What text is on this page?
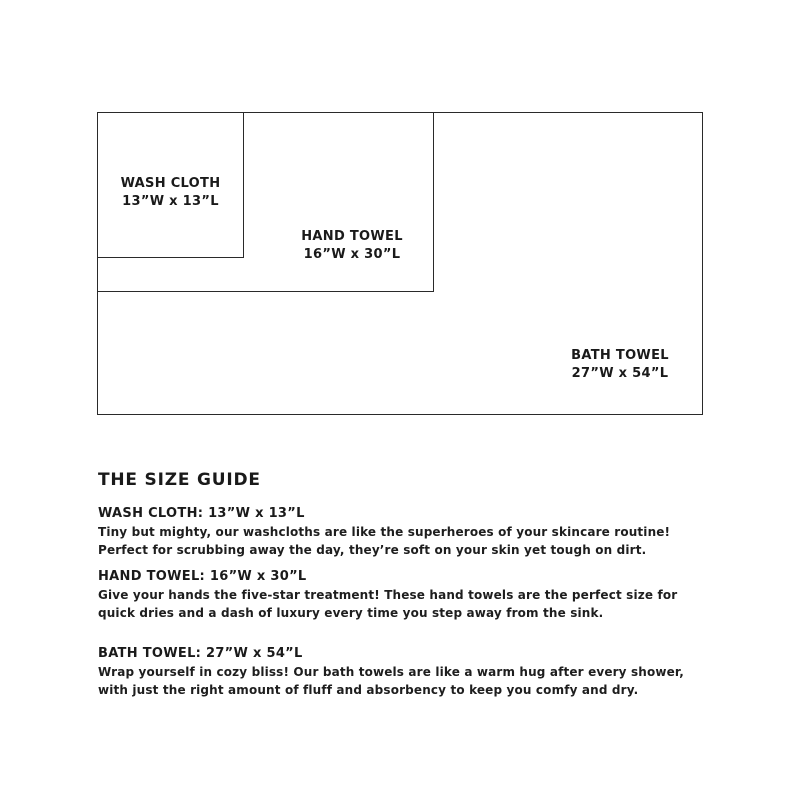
WASH CLOTH
13”W x 13”L
HAND TOWEL
16”W x 30”L
BATH TOWEL
27”W x 54”L
THE SIZE GUIDE
WASH CLOTH: 13”W x 13”L
Tiny but mighty, our washcloths are like the superheroes of your skincare routine!
Perfect for scrubbing away the day, they’re soft on your skin yet tough on dirt.
HAND TOWEL: 16”W x 30”L
Give your hands the five-star treatment! These hand towels are the perfect size for
quick dries and a dash of luxury every time you step away from the sink.
BATH TOWEL: 27”W x 54”L
Wrap yourself in cozy bliss! Our bath towels are like a warm hug after every shower,
with just the right amount of fluff and absorbency to keep you comfy and dry.
